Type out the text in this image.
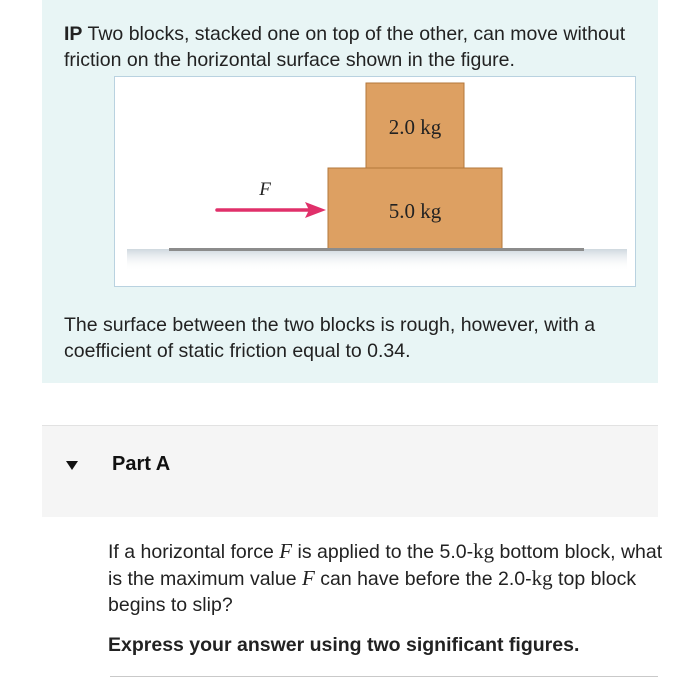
IP Two blocks, stacked one on top of the other, can move without friction on the horizontal surface shown in the figure.
2.0 kg
5.0 kg
F
The surface between the two blocks is rough, however, with a coefficient of static friction equal to 0.34.
Part A
If a horizontal force F is applied to the 5.0-kg bottom block, what is the maximum value F can have before the 2.0-kg top block begins to slip?
Express your answer using two significant figures.
